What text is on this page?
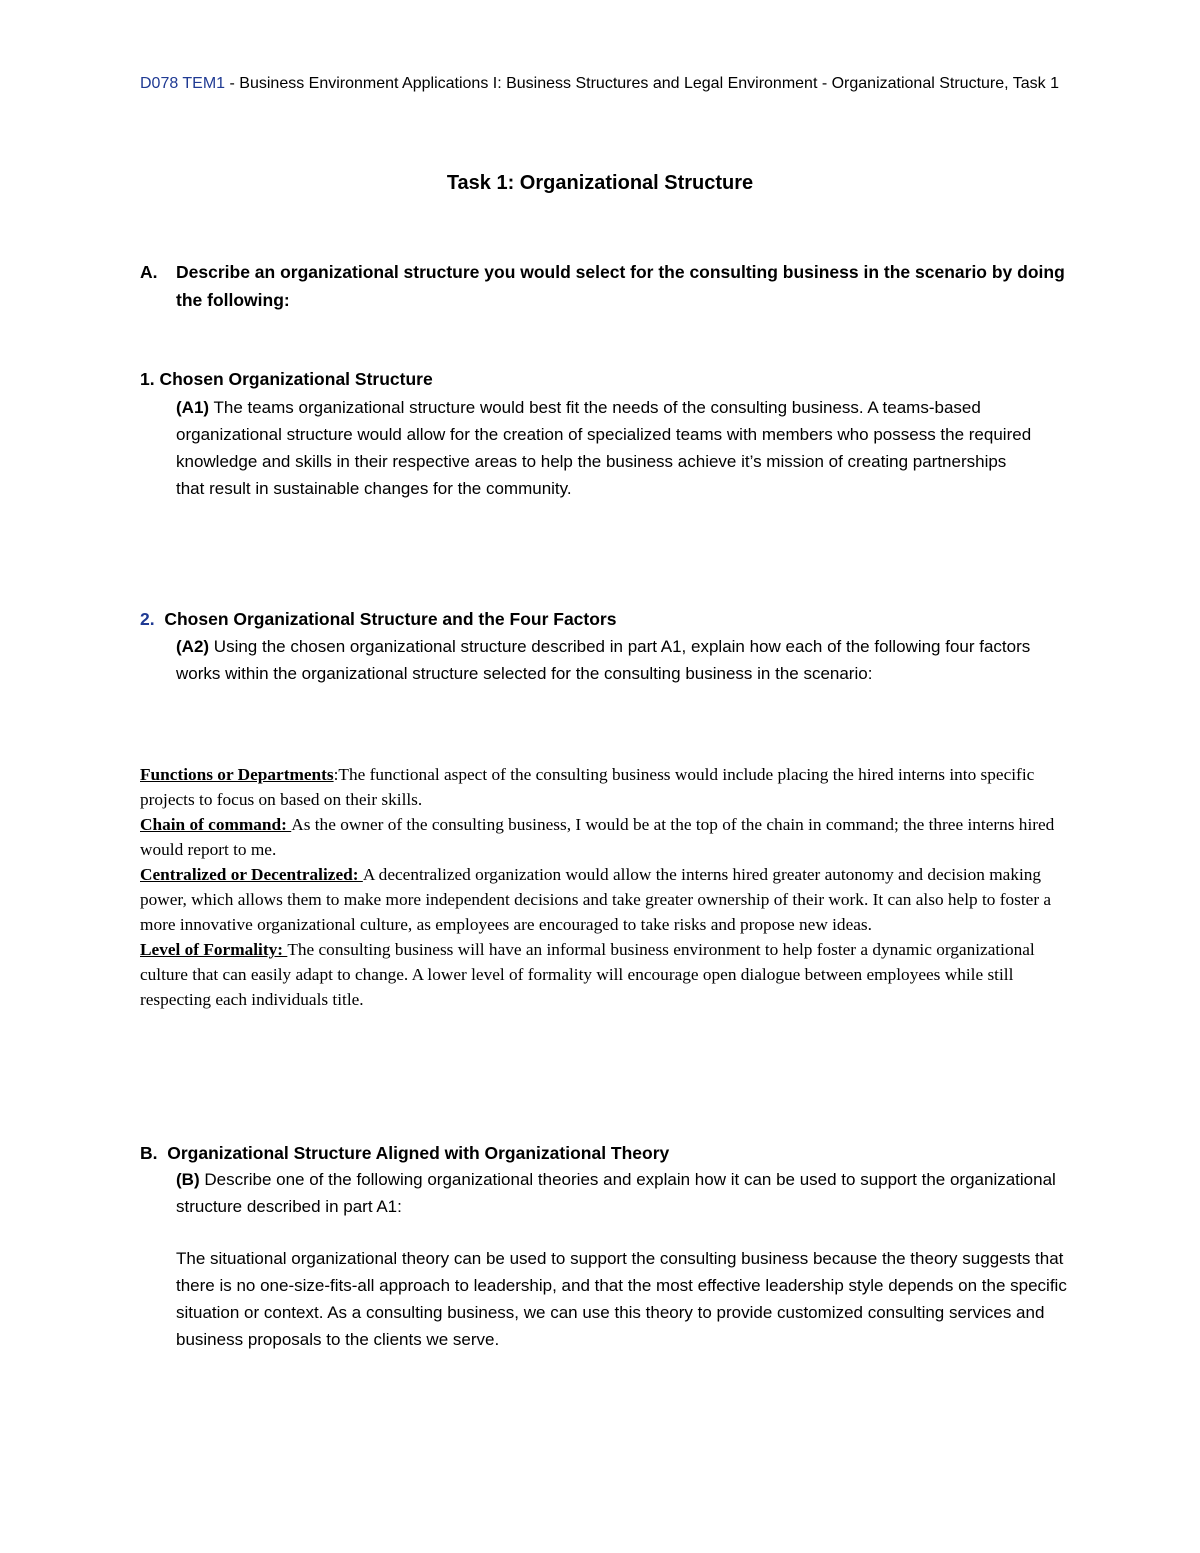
D078 TEM1 - Business Environment Applications I: Business Structures and Legal Environment - Organizational Structure, Task 1
Task 1: Organizational Structure
A. Describe an organizational structure you would select for the consulting business in the scenario by doing the following:
1. Chosen Organizational Structure
(A1) The teams organizational structure would best fit the needs of the consulting business. A teams-based organizational structure would allow for the creation of specialized teams with members who possess the required knowledge and skills in their respective areas to help the business achieve it’s mission of creating partnerships that result in sustainable changes for the community.
2.  Chosen Organizational Structure and the Four Factors
(A2) Using the chosen organizational structure described in part A1, explain how each of the following four factors works within the organizational structure selected for the consulting business in the scenario:

Functions or Departments:The functional aspect of the consulting business would include placing the hired interns into specific projects to focus on based on their skills.

Chain of command: As the owner of the consulting business, I would be at the top of the chain in command; the three interns hired would report to me.

Centralized or Decentralized: A decentralized organization would allow the interns hired greater autonomy and decision making power, which allows them to make more independent decisions and take greater ownership of their work. It can also help to foster a more innovative organizational culture, as employees are encouraged to take risks and propose new ideas.

Level of Formality: The consulting business will have an informal business environment to help foster a dynamic organizational culture that can easily adapt to change. A lower level of formality will encourage open dialogue between employees while still respecting each individuals title.

B.  Organizational Structure Aligned with Organizational Theory
(B) Describe one of the following organizational theories and explain how it can be used to support the organizational structure described in part A1:
The situational organizational theory can be used to support the consulting business because the theory suggests that there is no one-size-fits-all approach to leadership, and that the most effective leadership style depends on the specific situation or context. As a consulting business, we can use this theory to provide customized consulting services and business proposals to the clients we serve.
